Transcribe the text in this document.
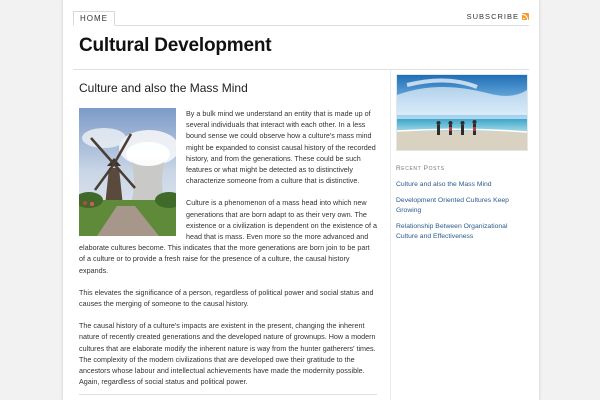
HOME	SUBSCRIBE
Cultural Development
Culture and also the Mass Mind

By a bulk mind we understand an entity that is made up of several individuals that interact with each other. In a less bound sense we could observe how a culture's mass mind might be expanded to consist causal history of the recorded history, and from the generations. These could be such features or what might be detected as to distinctively characterize someone from a culture that is distinctive.

Culture is a phenomenon of a mass head into which new generations that are born adapt to as their very own. The existence or a civilization is dependent on the existence of a head that is mass. Even more so the more advanced and elaborate cultures become. This indicates that the more generations are born join to be part of a culture or to provide a fresh raise for the presence of a culture, the causal history expands.

This elevates the significance of a person, regardless of political power and social status and causes the merging of someone to the causal history.

The causal history of a culture's impacts are existent in the present, changing the inherent nature of recently created generations and the developed nature of grownups. How a modern cultures that are elaborate modify the inherent nature is way from the hunter gatherers' times. The complexity of the modern civilizations that are developed owe their gratitude to the ancestors whose labour and intellectual achievements have made the modernity possible. Again, regardless of social status and political power.

Recent Posts
Culture and also the Mass Mind
Development Oriented Cultures Keep Growing
Relationship Between Organizational Culture and Effectiveness
